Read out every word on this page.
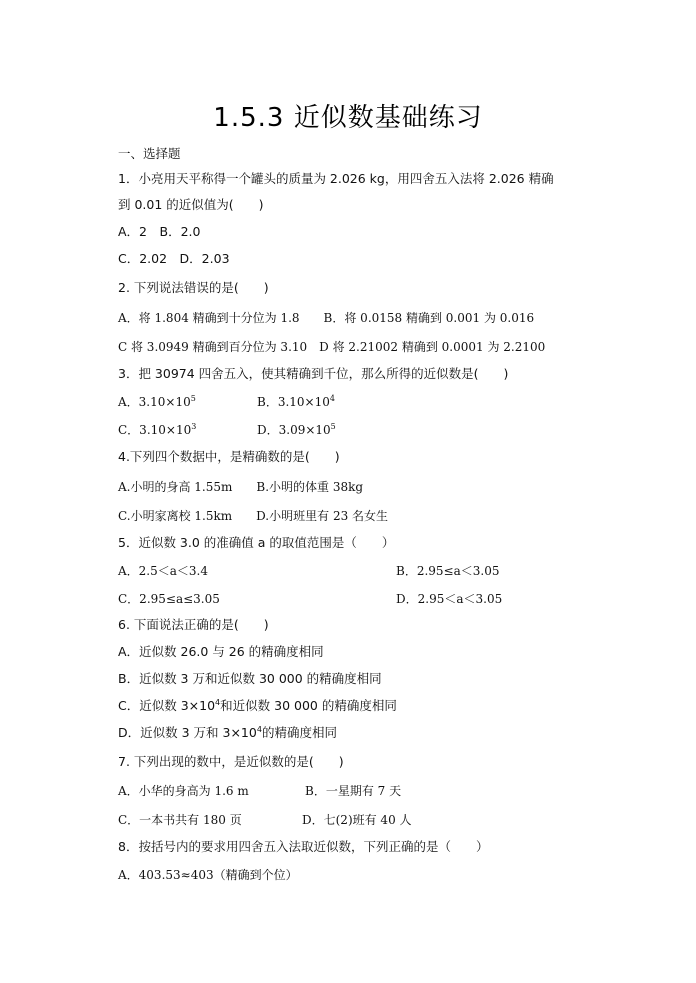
1.5.3 近似数基础练习
一、选择题
1．小亮用天平称得一个罐头的质量为 2.026 kg，用四舍五入法将 2.026 精确
到 0.01 的近似值为(　　)
A．2　B．2.0
C．2.02　D．2.03
2. 下列说法错误的是(　　)
A．将 1.804 精确到十分位为 1.8　　B．将 0.0158 精确到 0.001 为 0.016
C 将 3.0949 精确到百分位为 3.10　D 将 2.21002 精确到 0.0001 为 2.2100
3．把 30974 四舍五入，使其精确到千位，那么所得的近似数是(　　)
A．$3.10\times 10^5$	B．$3.10\times 10^4$
C．$3.10\times 10^3$	D．$3.09\times 10^5$
4.下列四个数据中，是精确数的是(　　)
A.小明的身高 1.55m　　B.小明的体重 38kg
C.小明家离校 1.5km　　D.小明班里有 23 名女生
5．近似数 3.0 的准确值 a 的取值范围是（　　）
A．2.5＜a＜3.4	B．2.95≤a＜3.05
C．2.95≤a≤3.05	D．2.95＜a＜3.05
6. 下面说法正确的是(　　)
A．近似数 26.0 与 26 的精确度相同
B．近似数 3 万和近似数 30 000 的精确度相同
C．近似数 $3\times 10^4$和近似数 30 000 的精确度相同
D．近似数 3 万和 $3\times 10^4$的精确度相同
7. 下列出现的数中，是近似数的是(　　)
A．小华的身高为 1.6 m	B．一星期有 7 天
C．一本书共有 180 页	D．七(2)班有 40 人
8．按括号内的要求用四舍五入法取近似数，下列正确的是（　　）
A．403.53≈403（精确到个位）
